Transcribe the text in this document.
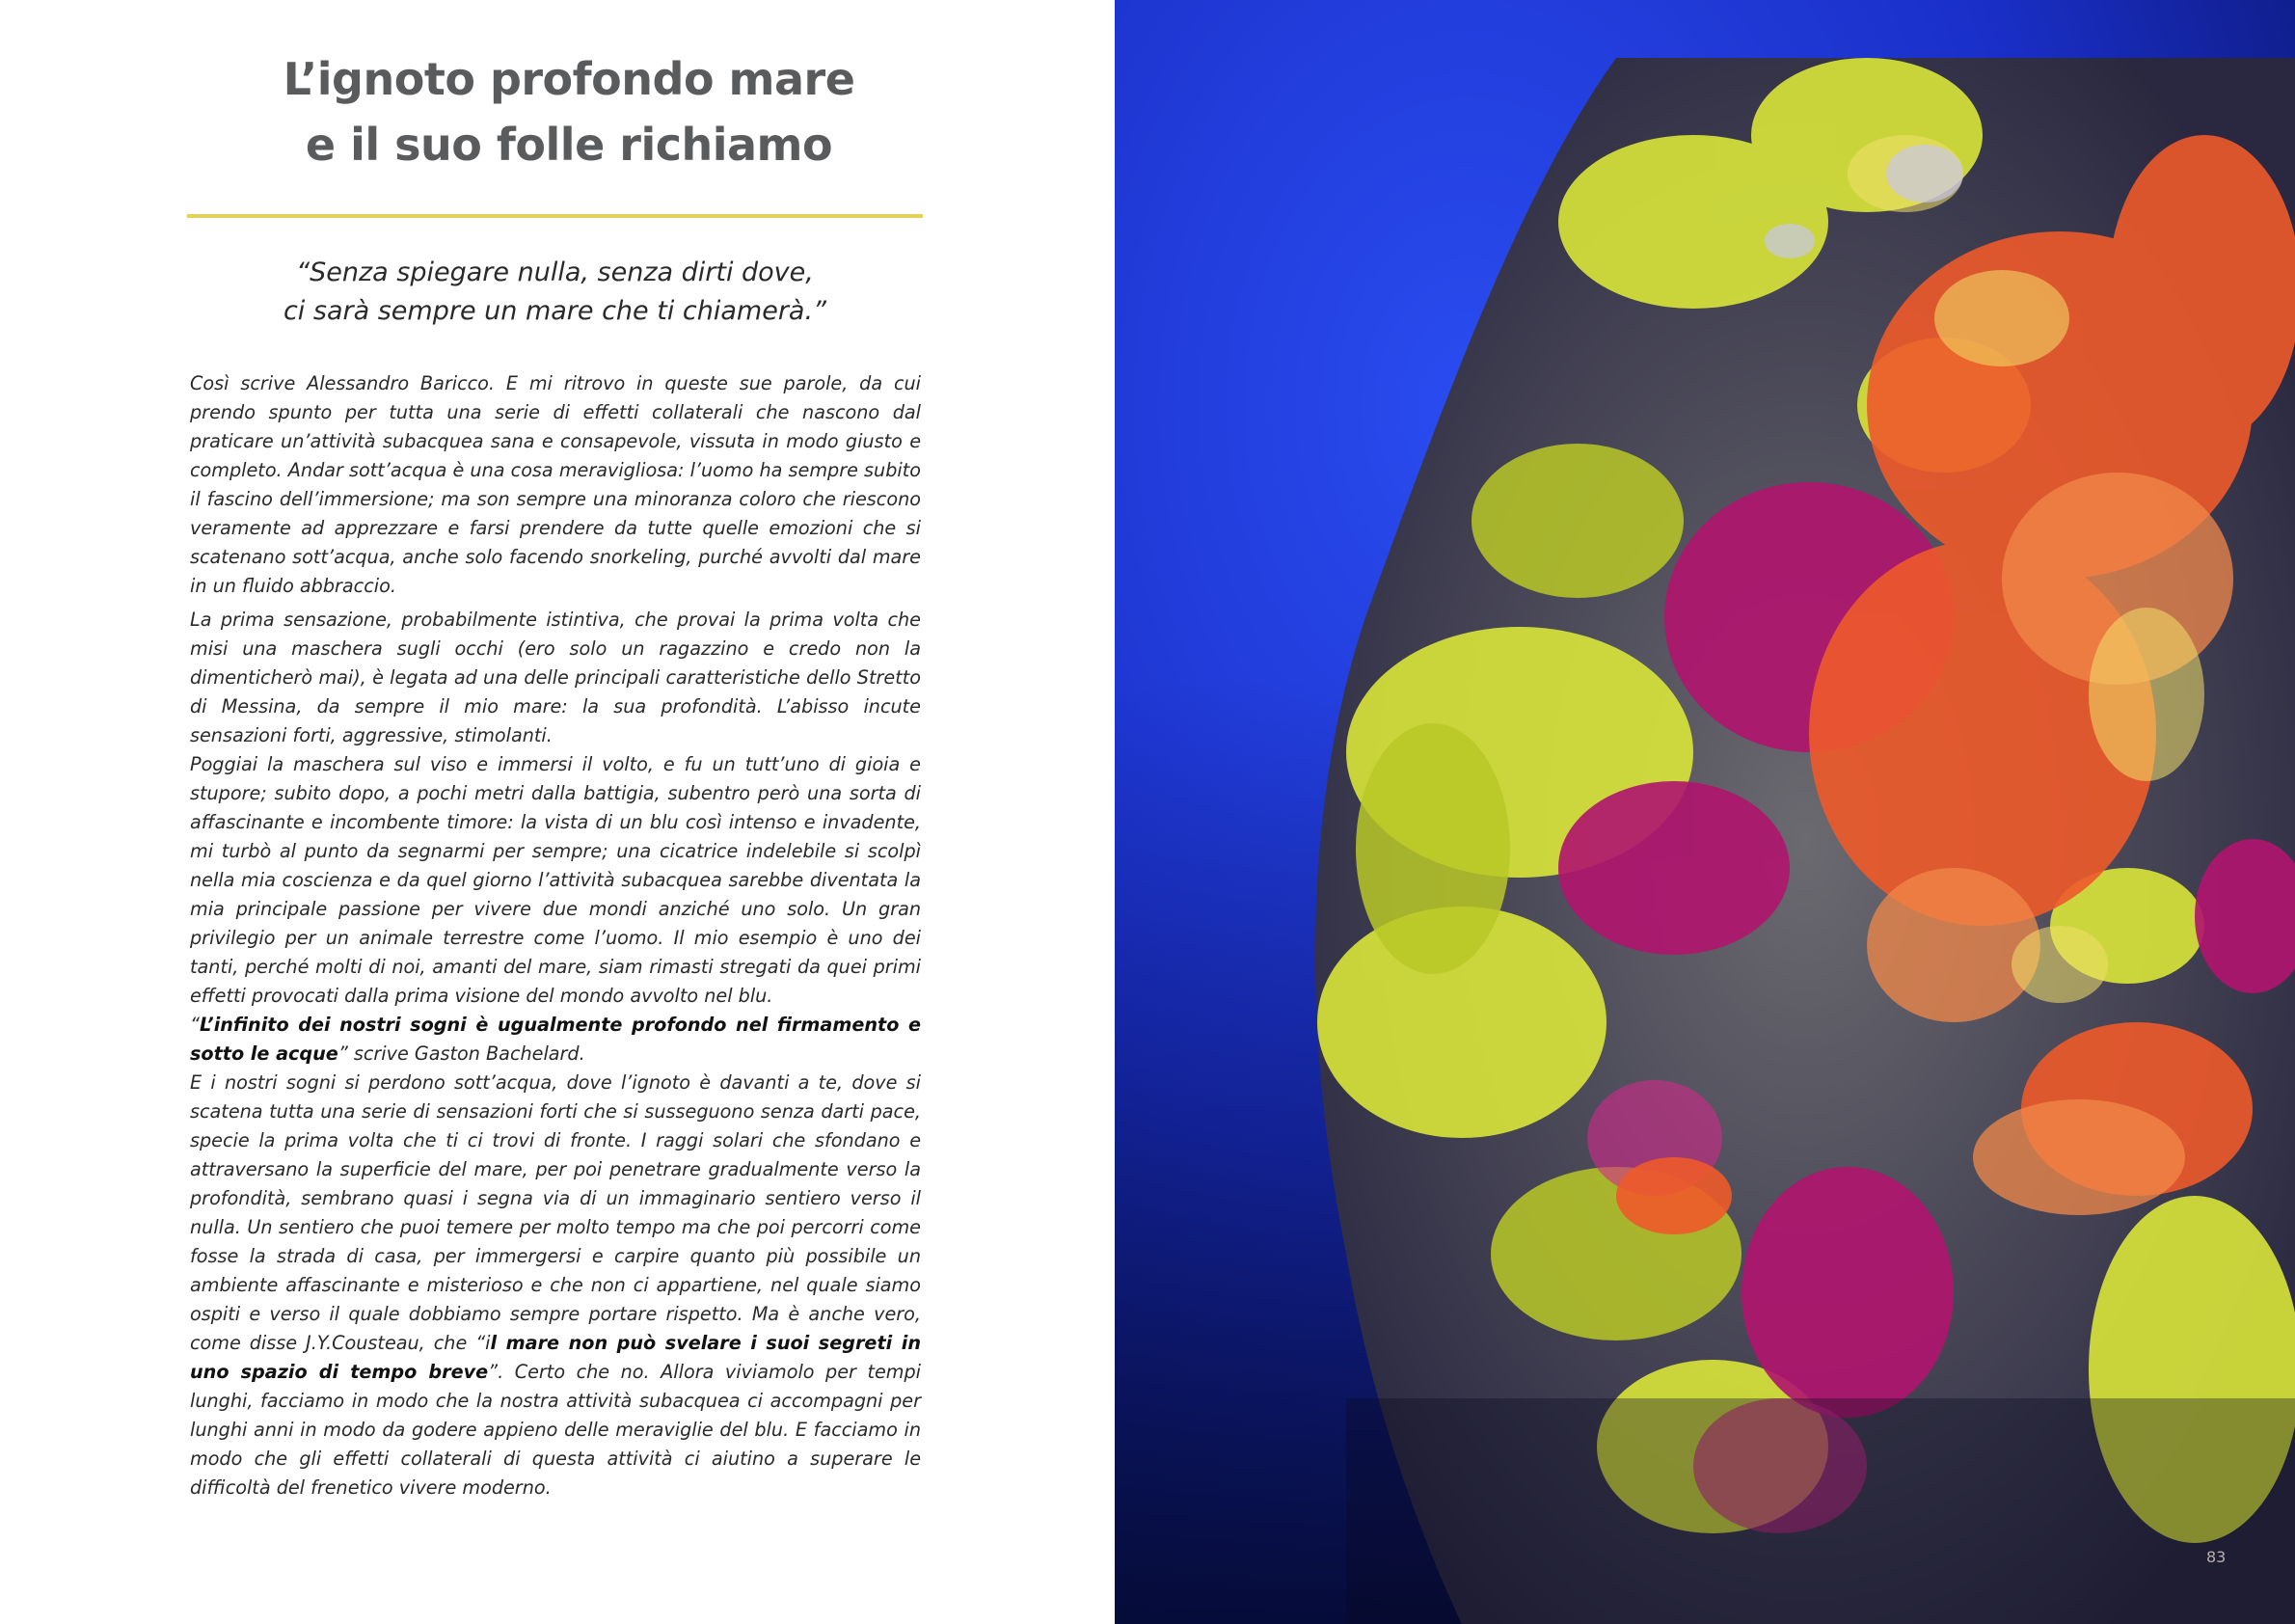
L’ignoto profondo mare
e il suo folle richiamo

“Senza spiegare nulla, senza dirti dove,
ci sarà sempre un mare che ti chiamerà.”

Così scrive Alessandro Baricco. E mi ritrovo in queste sue parole, da cui prendo spunto per tutta una serie di effetti collaterali che nascono dal praticare un’attività subacquea sana e consapevole, vissuta in modo giusto e completo. Andar sott’acqua è una cosa meravigliosa: l’uomo ha sempre subito il fascino dell’immersione; ma son sempre una minoranza coloro che riescono veramente ad apprezzare e farsi prendere da tutte quelle emozioni che si scatenano sott’acqua, anche solo facendo snorkeling, purché avvolti dal mare in un fluido abbraccio.

La prima sensazione, probabilmente istintiva, che provai la prima volta che misi una maschera sugli occhi (ero solo un ragazzino e credo non la dimenticherò mai), è legata ad una delle principali caratteristiche dello Stretto di Messina, da sempre il mio mare: la sua profondità. L’abisso incute sensazioni forti, aggressive, stimolanti.

Poggiai la maschera sul viso e immersi il volto, e fu un tutt’uno di gioia e stupore; subito dopo, a pochi metri dalla battigia, subentro però una sorta di affascinante e incombente timore: la vista di un blu così intenso e invadente, mi turbò al punto da segnarmi per sempre; una cicatrice indelebile si scolpì nella mia coscienza e da quel giorno l’attività subacquea sarebbe diventata la mia principale passione per vivere due mondi anziché uno solo. Un gran privilegio per un animale terrestre come l’uomo. Il mio esempio è uno dei tanti, perché molti di noi, amanti del mare, siam rimasti stregati da quei primi effetti provocati dalla prima visione del mondo avvolto nel blu.

“L’infinito dei nostri sogni è ugualmente profondo nel firmamento e sotto le acque” scrive Gaston Bachelard.

E i nostri sogni si perdono sott’acqua, dove l’ignoto è davanti a te, dove si scatena tutta una serie di sensazioni forti che si susseguono senza darti pace, specie la prima volta che ti ci trovi di fronte. I raggi solari che sfondano e attraversano la superficie del mare, per poi penetrare gradualmente verso la profondità, sembrano quasi i segna via di un immaginario sentiero verso il nulla. Un sentiero che puoi temere per molto tempo ma che poi percorri come fosse la strada di casa, per immergersi e carpire quanto più possibile un ambiente affascinante e misterioso e che non ci appartiene, nel quale siamo ospiti e verso il quale dobbiamo sempre portare rispetto. Ma è anche vero, come disse J.Y.Cousteau, che “il mare non può svelare i suoi segreti in uno spazio di tempo breve”. Certo che no. Allora viviamolo per tempi lunghi, facciamo in modo che la nostra attività subacquea ci accompagni per lunghi anni in modo da godere appieno delle meraviglie del blu. E facciamo in modo che gli effetti collaterali di questa attività ci aiutino a superare le difficoltà del frenetico vivere moderno.

83
